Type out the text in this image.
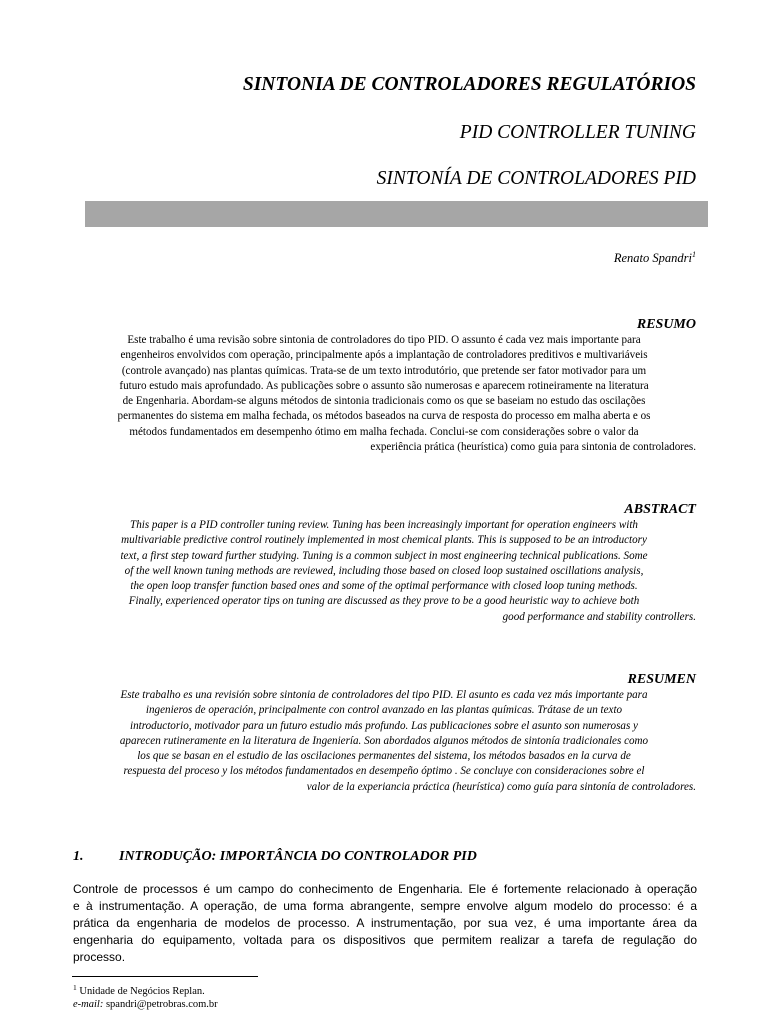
SINTONIA DE CONTROLADORES REGULATÓRIOS
PID CONTROLLER TUNING
SINTONÍA DE CONTROLADORES PID
Renato Spandri$^1$
RESUMO
Este trabalho é uma revisão sobre sintonia de controladores do tipo PID. O assunto é cada vez mais importante para
engenheiros envolvidos com operação, principalmente após a implantação de controladores preditivos e multivariáveis
(controle avançado) nas plantas químicas. Trata-se de um texto introdutório, que pretende ser fator motivador para um
futuro estudo mais aprofundado. As publicações sobre o assunto são numerosas e aparecem rotineiramente na literatura
de Engenharia. Abordam-se alguns métodos de sintonia tradicionais como os que se baseiam no estudo das oscilações
permanentes do sistema em malha fechada, os métodos baseados na curva de resposta do processo em malha aberta e os
métodos fundamentados em desempenho ótimo em malha fechada. Conclui-se com considerações sobre o valor da
experiência prática (heurística) como guia para sintonia de controladores.
ABSTRACT
This paper is a PID controller tuning review. Tuning has been increasingly important for operation engineers with
multivariable predictive control routinely implemented in most chemical plants. This is supposed to be an introductory
text, a first step toward further studying. Tuning is a common subject in most engineering technical publications. Some
of the well known tuning methods are reviewed, including those based on closed loop sustained oscillations analysis,
the open loop transfer function based ones and some of the optimal performance with closed loop tuning methods.
Finally, experienced operator tips on tuning are discussed as they prove to be a good heuristic way to achieve both
good performance and stability controllers.
RESUMEN
Este trabalho es una revisión sobre sintonia de controladores del tipo PID. El asunto es cada vez más importante para
ingenieros de operación, principalmente con control avanzado en las plantas químicas. Trátase de un texto
introductorio, motivador para un futuro estudio más profundo. Las publicaciones sobre el asunto son numerosas y
aparecen rutineramente en la literatura de Ingeniería. Son abordados algunos métodos de sintonía tradicionales como
los que se basan en el estudio de las oscilaciones permanentes del sistema, los métodos basados en la curva de
respuesta del proceso y los métodos fundamentados en desempeño óptimo . Se concluye con consideraciones sobre el
valor de la experiancia práctica (heurística) como guía para sintonía de controladores.
1.	INTRODUÇÃO: IMPORTÂNCIA DO CONTROLADOR PID
Controle de processos é um campo do conhecimento de Engenharia. Ele é fortemente relacionado à operação
e à instrumentação. A operação, de uma forma abrangente, sempre envolve algum modelo do processo: é a
prática da engenharia de modelos de processo. A instrumentação, por sua vez, é uma importante área da
engenharia do equipamento, voltada para os dispositivos que permitem realizar a tarefa de regulação do
processo.
$^1$ Unidade de Negócios Replan.
e-mail: spandri@petrobras.com.br
